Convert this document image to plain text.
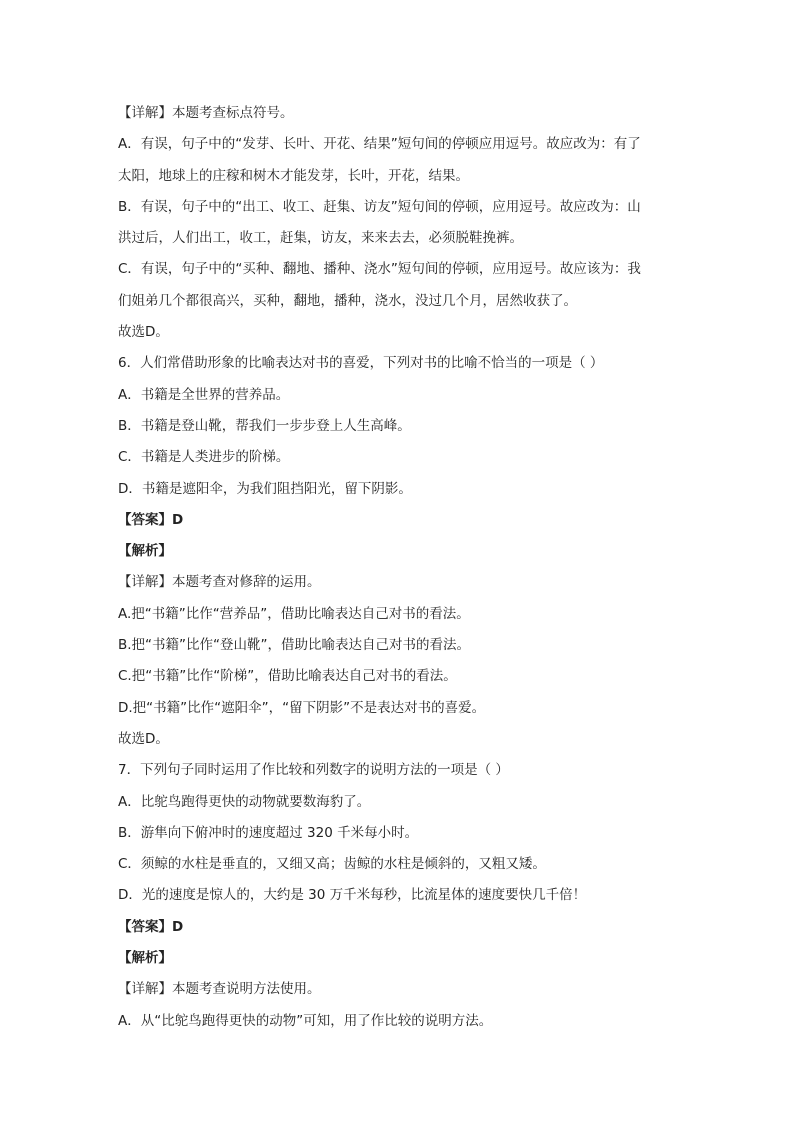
【详解】本题考查标点符号。
A．有误，句子中的“发芽、长叶、开花、结果”短句间的停顿应用逗号。故应改为：有了
太阳，地球上的庄稼和树木才能发芽，长叶，开花，结果。
B．有误，句子中的“出工、收工、赶集、访友”短句间的停顿，应用逗号。故应改为：山
洪过后，人们出工，收工，赶集，访友，来来去去，必须脱鞋挽裤。
C．有误，句子中的“买种、翻地、播种、浇水”短句间的停顿，应用逗号。故应该为：我
们姐弟几个都很高兴，买种，翻地，播种，浇水，没过几个月，居然收获了。
故选D。
6．人们常借助形象的比喻表达对书的喜爱，下列对书的比喻不恰当的一项是（ ）
A．书籍是全世界的营养品。
B．书籍是登山靴，帮我们一步步登上人生高峰。
C．书籍是人类进步的阶梯。
D．书籍是遮阳伞，为我们阻挡阳光，留下阴影。
【答案】D
【解析】
【详解】本题考查对修辞的运用。
A.把“书籍”比作“营养品”，借助比喻表达自己对书的看法。
B.把“书籍”比作“登山靴”，借助比喻表达自己对书的看法。
C.把“书籍”比作“阶梯”，借助比喻表达自己对书的看法。
D.把“书籍”比作“遮阳伞”，“留下阴影”不是表达对书的喜爱。
故选D。
7．下列句子同时运用了作比较和列数字的说明方法的一项是（ ）
A．比鸵鸟跑得更快的动物就要数海豹了。
B．游隼向下俯冲时的速度超过 320 千米每小时。
C．须鲸的水柱是垂直的，又细又高；齿鲸的水柱是倾斜的，又粗又矮。
D．光的速度是惊人的，大约是 30 万千米每秒，比流星体的速度要快几千倍！
【答案】D
【解析】
【详解】本题考查说明方法使用。
A．从“比鸵鸟跑得更快的动物”可知，用了作比较的说明方法。
